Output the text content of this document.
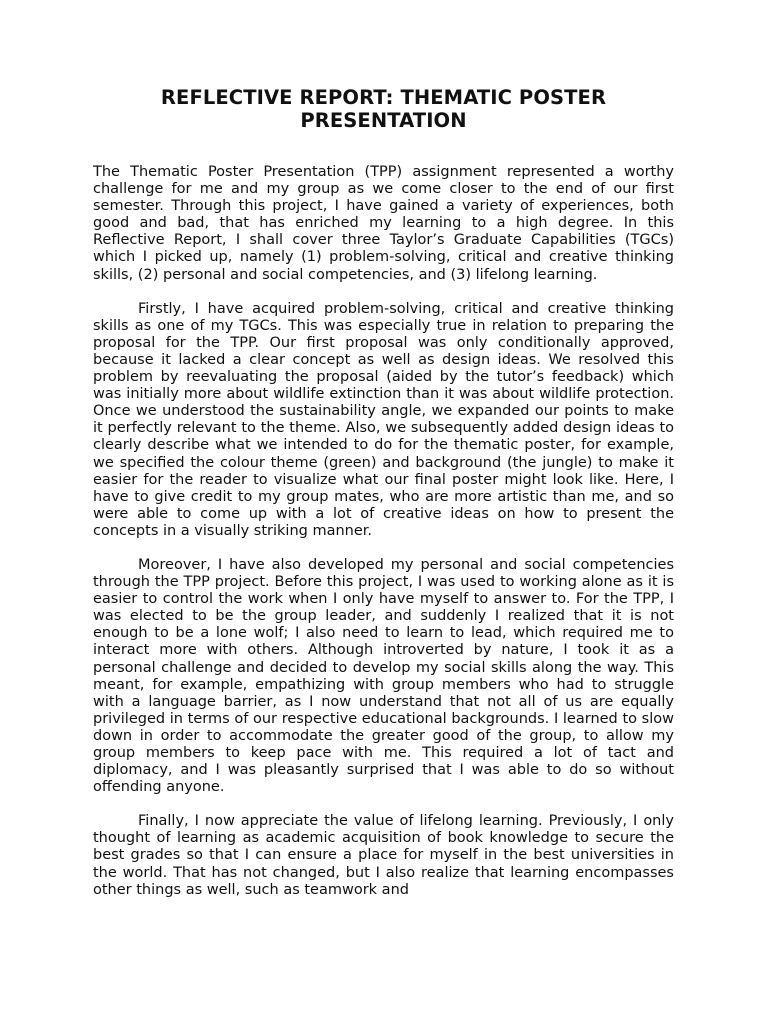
REFLECTIVE REPORT: THEMATIC POSTER PRESENTATION

The Thematic Poster Presentation (TPP) assignment represented a worthy challenge for me and my group as we come closer to the end of our first semester. Through this project, I have gained a variety of experiences, both good and bad, that has enriched my learning to a high degree. In this Reflective Report, I shall cover three Taylor’s Graduate Capabilities (TGCs) which I picked up, namely (1) problem-solving, critical and creative thinking skills, (2) personal and social competencies, and (3) lifelong learning.

Firstly, I have acquired problem-solving, critical and creative thinking skills as one of my TGCs. This was especially true in relation to preparing the proposal for the TPP. Our first proposal was only conditionally approved, because it lacked a clear concept as well as design ideas. We resolved this problem by reevaluating the proposal (aided by the tutor’s feedback) which was initially more about wildlife extinction than it was about wildlife protection. Once we understood the sustainability angle, we expanded our points to make it perfectly relevant to the theme. Also, we subsequently added design ideas to clearly describe what we intended to do for the thematic poster, for example, we specified the colour theme (green) and background (the jungle) to make it easier for the reader to visualize what our final poster might look like. Here, I have to give credit to my group mates, who are more artistic than me, and so were able to come up with a lot of creative ideas on how to present the concepts in a visually striking manner.

Moreover, I have also developed my personal and social competencies through the TPP project. Before this project, I was used to working alone as it is easier to control the work when I only have myself to answer to. For the TPP, I was elected to be the group leader, and suddenly I realized that it is not enough to be a lone wolf; I also need to learn to lead, which required me to interact more with others. Although introverted by nature, I took it as a personal challenge and decided to develop my social skills along the way. This meant, for example, empathizing with group members who had to struggle with a language barrier, as I now understand that not all of us are equally privileged in terms of our respective educational backgrounds. I learned to slow down in order to accommodate the greater good of the group, to allow my group members to keep pace with me. This required a lot of tact and diplomacy, and I was pleasantly surprised that I was able to do so without offending anyone.

Finally, I now appreciate the value of lifelong learning. Previously, I only thought of learning as academic acquisition of book knowledge to secure the best grades so that I can ensure a place for myself in the best universities in the world. That has not changed, but I also realize that learning encompasses other things as well, such as teamwork and
